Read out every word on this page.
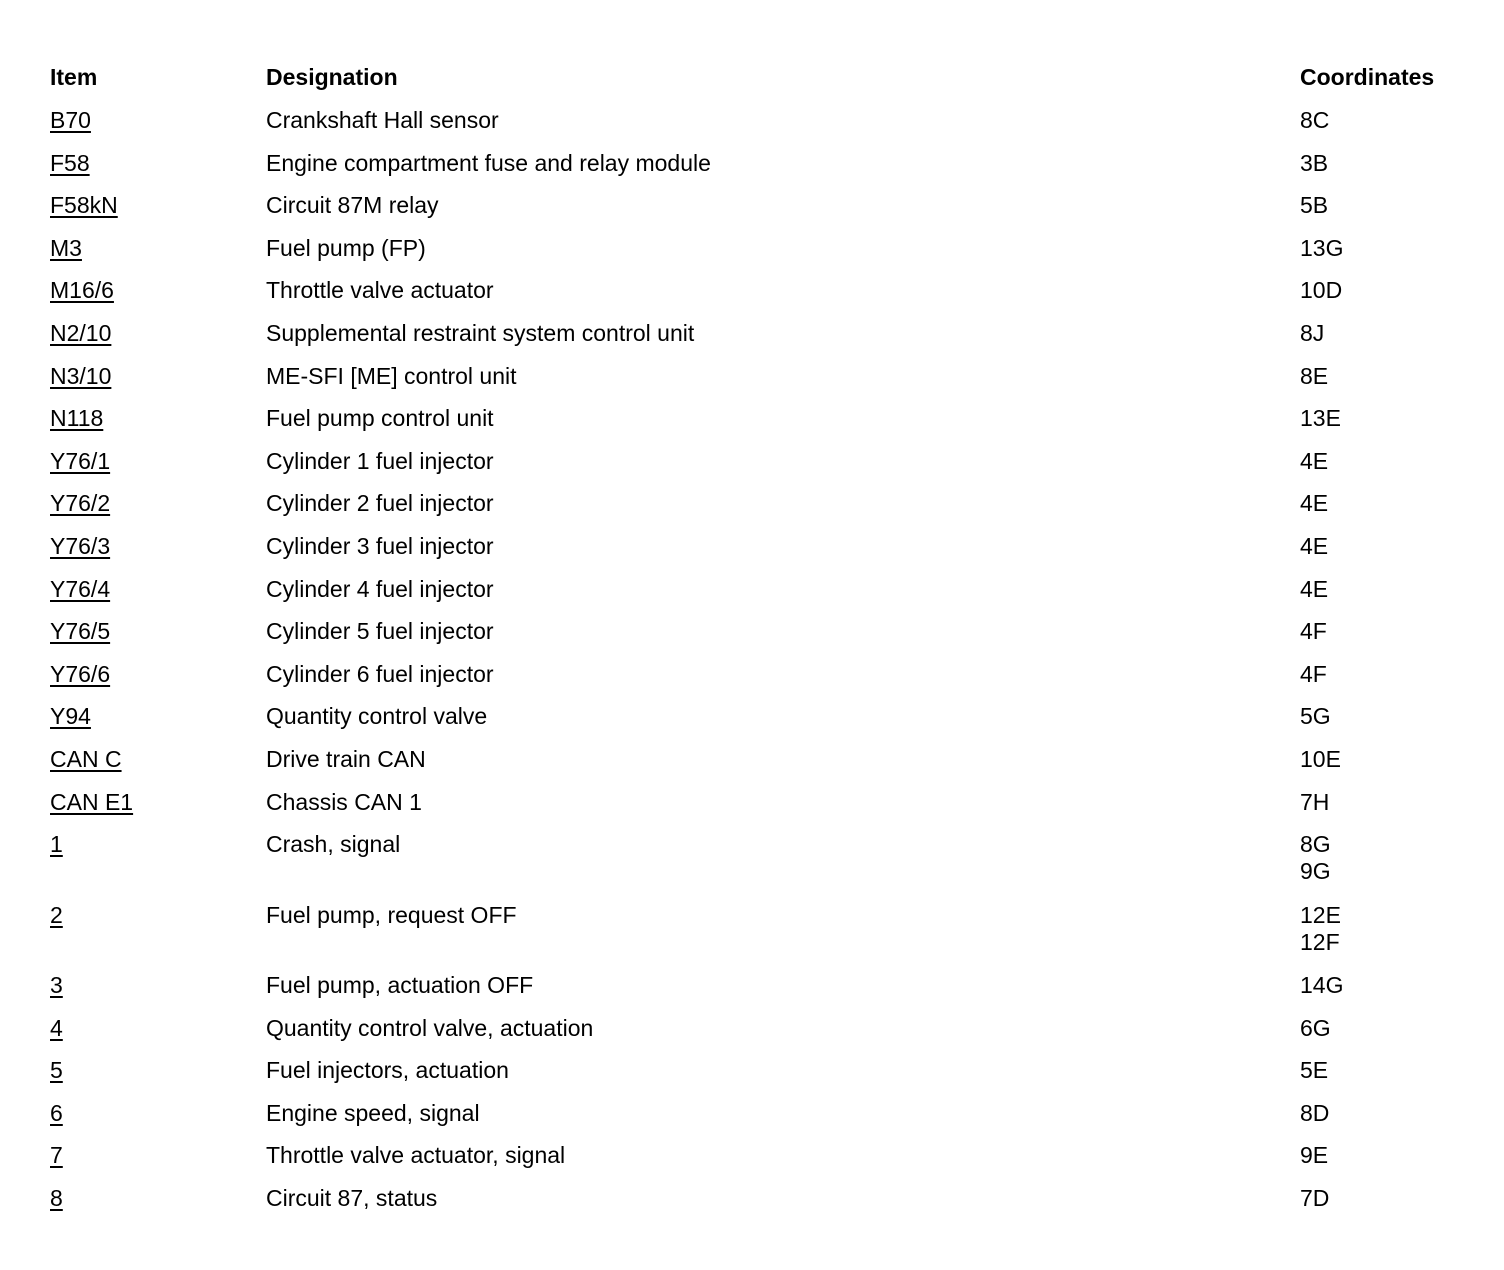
Item	Designation	Coordinates
B70	Crankshaft Hall sensor	8C
F58	Engine compartment fuse and relay module	3B
F58kN	Circuit 87M relay	5B
M3	Fuel pump (FP)	13G
M16/6	Throttle valve actuator	10D
N2/10	Supplemental restraint system control unit	8J
N3/10	ME-SFI [ME] control unit	8E
N118	Fuel pump control unit	13E
Y76/1	Cylinder 1 fuel injector	4E
Y76/2	Cylinder 2 fuel injector	4E
Y76/3	Cylinder 3 fuel injector	4E
Y76/4	Cylinder 4 fuel injector	4E
Y76/5	Cylinder 5 fuel injector	4F
Y76/6	Cylinder 6 fuel injector	4F
Y94	Quantity control valve	5G
CAN C	Drive train CAN	10E
CAN E1	Chassis CAN 1	7H
1	Crash, signal	8G
9G
2	Fuel pump, request OFF	12E
12F
3	Fuel pump, actuation OFF	14G
4	Quantity control valve, actuation	6G
5	Fuel injectors, actuation	5E
6	Engine speed, signal	8D
7	Throttle valve actuator, signal	9E
8	Circuit 87, status	7D
